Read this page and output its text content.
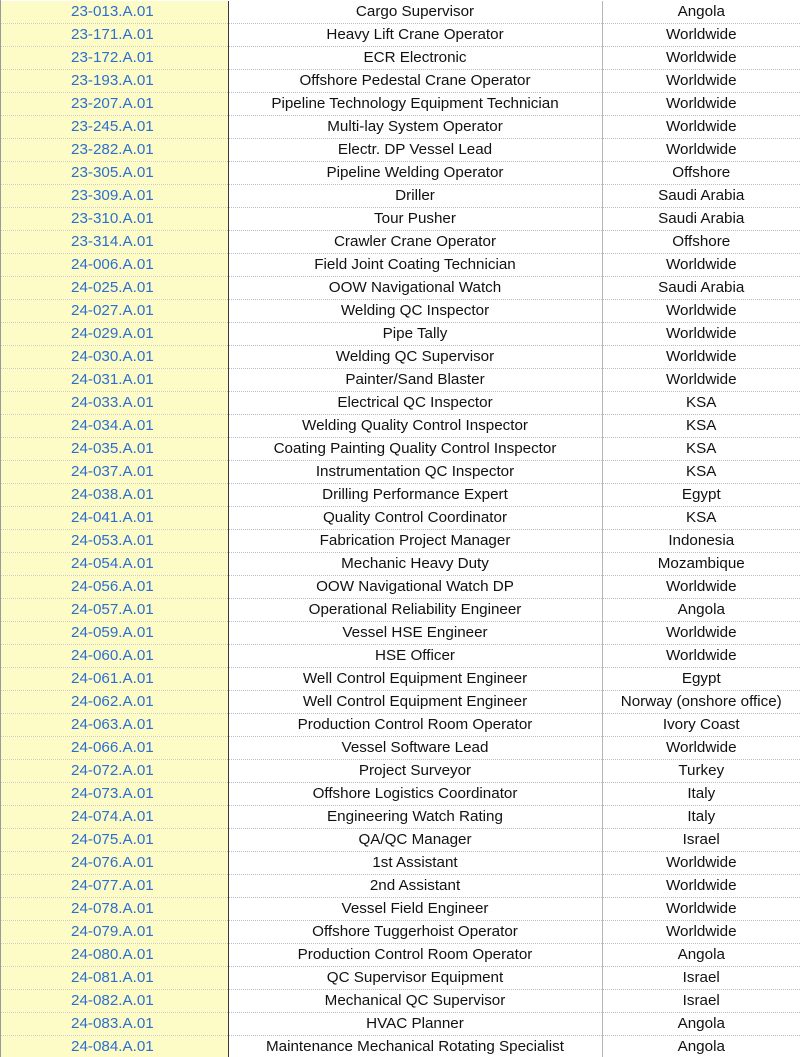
23-013.A.01	Cargo Supervisor	Angola
23-171.A.01	Heavy Lift Crane Operator	Worldwide
23-172.A.01	ECR Electronic	Worldwide
23-193.A.01	Offshore Pedestal Crane Operator	Worldwide
23-207.A.01	Pipeline Technology Equipment Technician	Worldwide
23-245.A.01	Multi-lay System Operator	Worldwide
23-282.A.01	Electr. DP Vessel Lead	Worldwide
23-305.A.01	Pipeline Welding Operator	Offshore
23-309.A.01	Driller	Saudi Arabia
23-310.A.01	Tour Pusher	Saudi Arabia
23-314.A.01	Crawler Crane Operator	Offshore
24-006.A.01	Field Joint Coating Technician	Worldwide
24-025.A.01	OOW Navigational Watch	Saudi Arabia
24-027.A.01	Welding QC Inspector	Worldwide
24-029.A.01	Pipe Tally	Worldwide
24-030.A.01	Welding QC Supervisor	Worldwide
24-031.A.01	Painter/Sand Blaster	Worldwide
24-033.A.01	Electrical QC Inspector	KSA
24-034.A.01	Welding Quality Control Inspector	KSA
24-035.A.01	Coating Painting Quality Control Inspector	KSA
24-037.A.01	Instrumentation QC Inspector	KSA
24-038.A.01	Drilling Performance Expert	Egypt
24-041.A.01	Quality Control Coordinator	KSA
24-053.A.01	Fabrication Project Manager	Indonesia
24-054.A.01	Mechanic Heavy Duty	Mozambique
24-056.A.01	OOW Navigational Watch DP	Worldwide
24-057.A.01	Operational Reliability Engineer	Angola
24-059.A.01	Vessel HSE Engineer	Worldwide
24-060.A.01	HSE Officer	Worldwide
24-061.A.01	Well Control Equipment Engineer	Egypt
24-062.A.01	Well Control Equipment Engineer	Norway (onshore office)
24-063.A.01	Production Control Room Operator	Ivory Coast
24-066.A.01	Vessel Software Lead	Worldwide
24-072.A.01	Project Surveyor	Turkey
24-073.A.01	Offshore Logistics Coordinator	Italy
24-074.A.01	Engineering Watch Rating	Italy
24-075.A.01	QA/QC Manager	Israel
24-076.A.01	1st Assistant	Worldwide
24-077.A.01	2nd Assistant	Worldwide
24-078.A.01	Vessel Field Engineer	Worldwide
24-079.A.01	Offshore Tuggerhoist Operator	Worldwide
24-080.A.01	Production Control Room Operator	Angola
24-081.A.01	QC Supervisor Equipment	Israel
24-082.A.01	Mechanical QC Supervisor	Israel
24-083.A.01	HVAC Planner	Angola
24-084.A.01	Maintenance Mechanical Rotating Specialist	Angola
